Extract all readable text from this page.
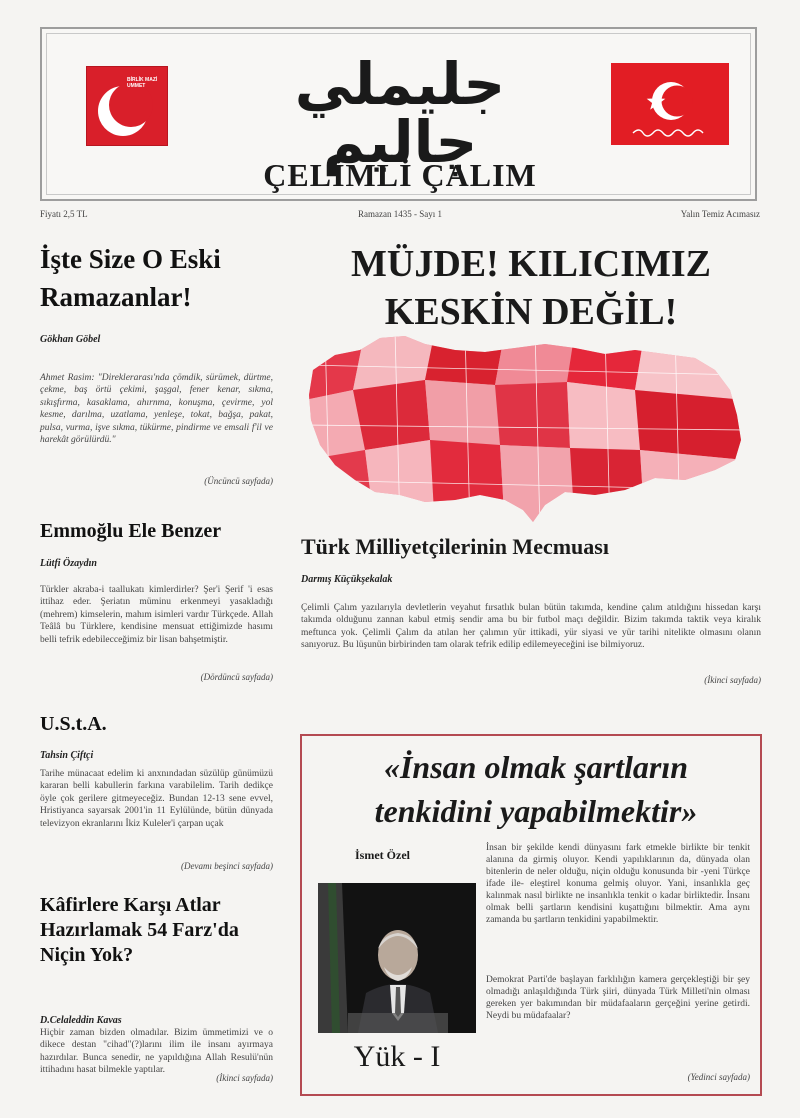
BİRLİK MAZİ UMMET	جليملي چاليم
ÇELİMLİ ÇALIM
Fiyatı 2,5 TL	Ramazan 1435 - Sayı 1	Yalın Temiz Acımasız
İşte Size O Eski
Ramazanlar!
Gökhan Göbel
Ahmet Rasim: "Direklerarası'nda çömdik, sürümek, dürtme, çekme, baş örtü çekimi, şaşgal, fener kenar, sıkma, sıkışfırma, kasaklama, ahırnma, konuşma, çevirme, yol kesme, darılma, uzatlama, yenleşe, tokat, bağşa, pakat, pulsa, vurma, işve sıkma, tükürme, pindirme ve emsali f'il ve harekât görülürdü."
(Üncüncü sayfada)
Emmoğlu Ele Benzer
Lütfi Özaydın
Türkler akraba-i taallukatı kimlerdirler? Şer'i Şerif 'i esas ittihaz eder. Şeriatın müminu erkenmeyi yasakladığı (mehrem) kimselerin, mahım isimleri vardır Türkçede. Allah Teâlâ bu Türklere, kendisine mensuat ettiğimizde hasımı belli tefrik edebilecceğimiz bir lisan bahşetmiştir.
(Dördüncü sayfada)
U.S.t.A.
Tahsin Çiftçi
Tarihe münacaat edelim ki anxnındadan süzülüp günümüzü kararan belli kabullerin farkına varabilelim. Tarih dedikçe öyle çok gerilere gitmeyeceğiz. Bundan 12-13 sene evvel, Hristiyanca sayarsak 2001'in 11 Eylülünde, bütün dünyada televizyon ekranlarını İkiz Kuleler'i çarpan uçak
(Devamı beşinci sayfada)
Kâfirlere Karşı Atlar
Hazırlamak 54 Farz'da
Niçin Yok?
D.Celaleddin Kavas
Hiçbir zaman bizden olmadılar. Bizim ümmetimizi ve o dikece destan "cihad"(?)larını ilim ile insanı ayırmaya hazırdılar. Bunca senedir, ne yapıldığına Allah Resulü'nün ittihadını hasat bilmekle yaptılar.
(İkinci sayfada)
MÜJDE! KILICIMIZ
KESKİN DEĞİL!
Türk Milliyetçilerinin Mecmuası
Darmış Küçükşekalak
Çelimli Çalım yazılarıyla devletlerin veyahut fırsatlık bulan bütün takımda, kendine çalım atıldığını hissedan karşı takımda olduğunu zannan kabul etmiş sendir ama bu bir futbol maçı değildir. Bizim takımda taktik veya kiralık meftunca yok. Çelimli Çalım da atılan her çalımın yür ittikadi, yür siyasi ve yür tarihi nitelikte olmasını olanın sanıyoruz. Bu lüşunün birbirinden tam olarak tefrik edilip edilemeyeceğini ise bilmiyoruz.
(İkinci sayfada)
«İnsan olmak şartların
tenkidini yapabilmektir»
İsmet Özel
Yük - I
İnsan bir şekilde kendi dünyasını fark etmekle birlikte bir tenkit alanına da girmiş oluyor. Kendi yapılıklarının da, dünyada olan bitenlerin de neler olduğu, niçin olduğu konusunda bir -yeni Türkçe ifade ile- eleştirel konuma gelmiş oluyor. Yani, insanlıkla geç kalınmak nasıl birlikte ne insanlıkla tenkit o kadar birliktedir. İnsanı olmak belli şartların kendisini kuşattığını bilmektir. Ama aynı zamanda bu şartların tenkidini yapabilmektir.
Demokrat Parti'de başlayan farklılığın kamera gerçekleştiği bir şey olmadığı anlaşıldığında Türk şiiri, dünyada Türk Milleti'nin olması gereken yer bakımından bir müdafaaların gerçeğini yerine getirdi. Neydi bu müdafaalar?
(Yedinci sayfada)
